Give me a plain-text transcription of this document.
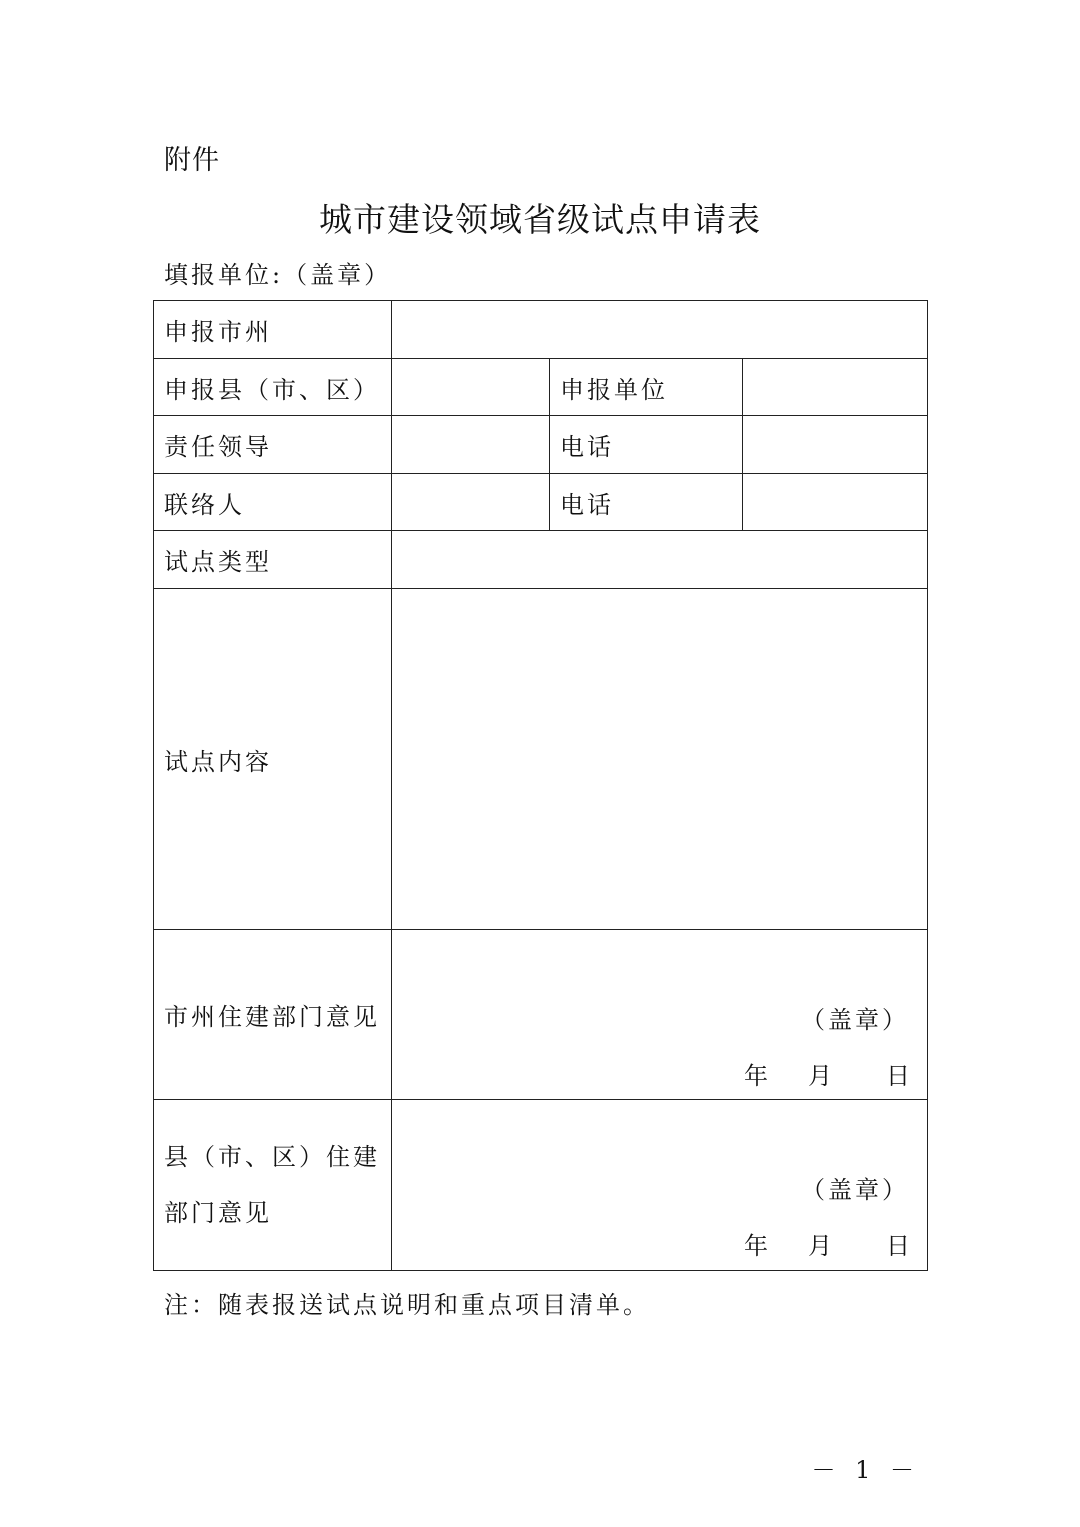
附件
城市建设领域省级试点申请表
填报单位:（盖章）
申报市州			
申报县（市、区）		申报单位	
责任领导		电话	
联络人		电话	
试点类型			
试点内容			
市州住建部门意见	（盖章）
年 月 日		

县（市、区）住建部门意见	（盖章）
年 月 日		
注：随表报送试点说明和重点项目清单。
－ 1 －
